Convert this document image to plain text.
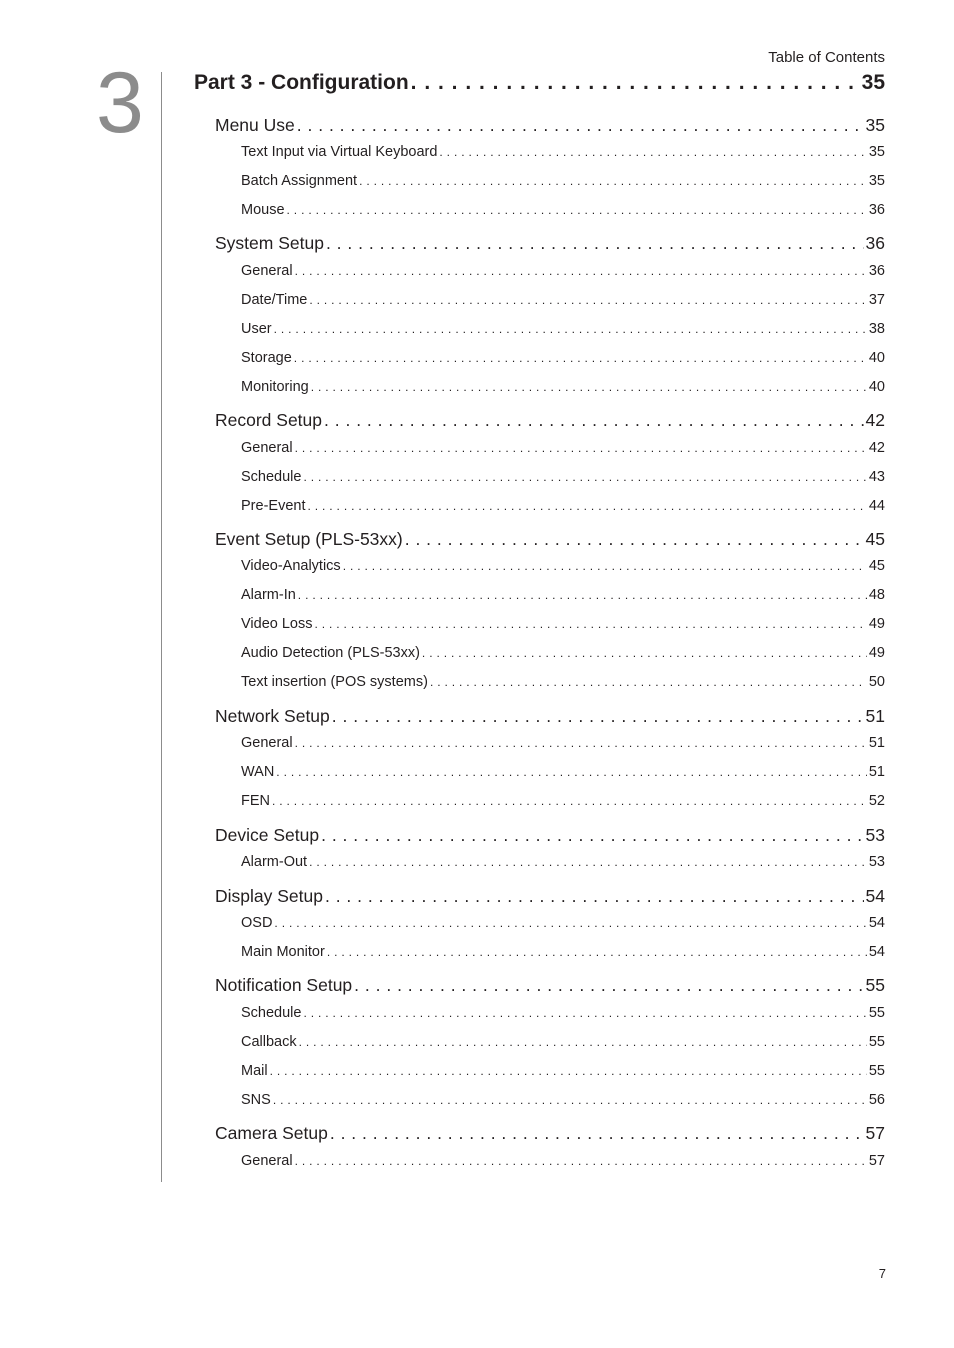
Table of Contents
3 Part 3 - Configuration . . .	35
Menu Use . . .	35
Text Input via Virtual Keyboard . . .	35
Batch Assignment . . .	35
Mouse . . .	36
System Setup . . .	36
General . . .	36
Date/Time . . .	37
User . . .	38
Storage . . .	40
Monitoring . . .	40
Record Setup . . .	42
General . . .	42
Schedule . . .	43
Pre-Event . . .	44
Event Setup (PLS-53xx) . . .	45
Video-Analytics . . .	45
Alarm-In . . .	48
Video Loss . . .	49
Audio Detection (PLS-53xx) . . .	49
Text insertion (POS systems) . . .	50
Network Setup . . .	51
General . . .	51
WAN . . .	51
FEN . . .	52
Device Setup . . .	53
Alarm-Out . . .	53
Display Setup . . .	54
OSD . . .	54
Main Monitor . . .	54
Notification Setup . . .	55
Schedule . . .	55
Callback . . .	55
Mail . . .	55
SNS . . .	56
Camera Setup . . .	57
General . . .	57
7
